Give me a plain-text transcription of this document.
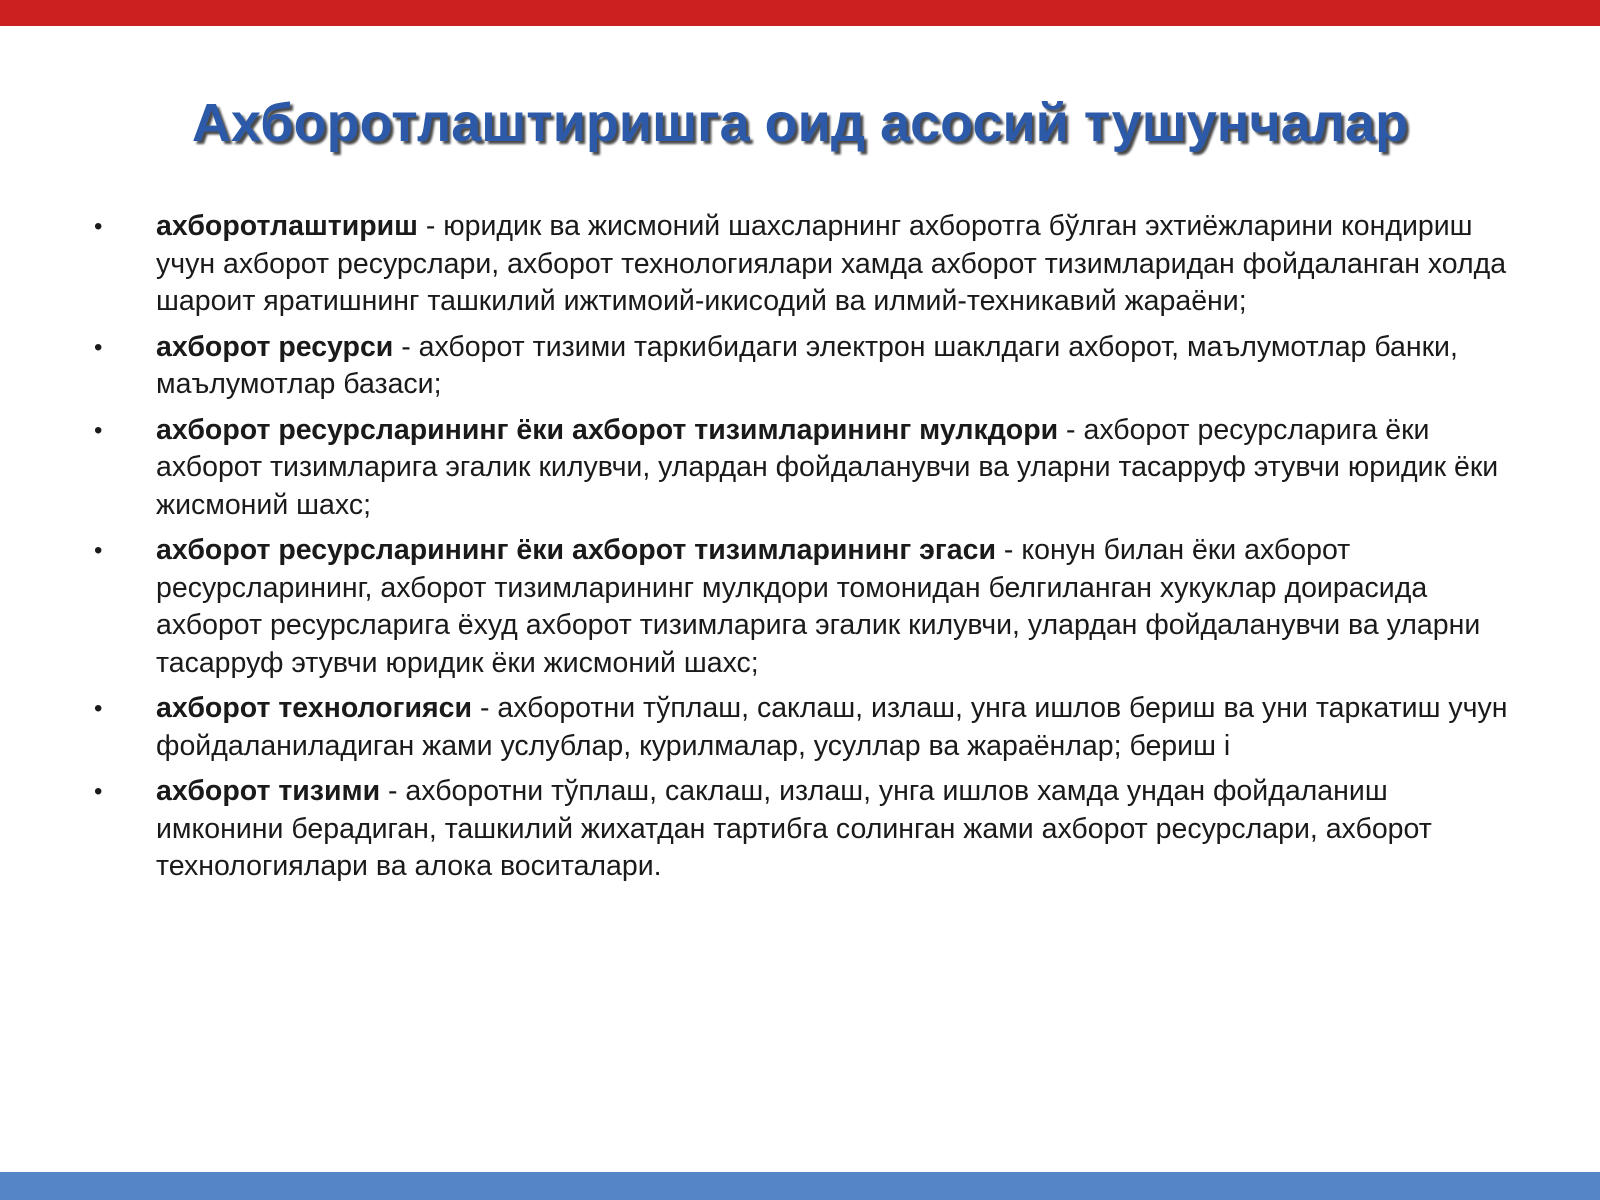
Ахборотлаштиришга оид асосий тушунчалар
• ахборотлаштириш - юридик ва жисмоний шахсларнинг ахборотга бўлган эхтиёжларини кондириш учун ахборот ресурслари, ахборот технологиялари хамда ахборот тизимларидан фойдаланган холда шароит яратишнинг ташкилий ижтимоий-икисодий ва илмий-техникавий жараёни;
• ахборот ресурси - ахборот тизими таркибидаги электрон шаклдаги ахборот, маълумотлар банки, маълумотлар базаси;
• ахборот ресурсларининг ёки ахборот тизимларининг мулкдори - ахборот ресурсларига ёки ахборот тизимларига эгалик килувчи, улардан фойдаланувчи ва уларни тасарруф этувчи юридик ёки жисмоний шахс;
• ахборот ресурсларининг ёки ахборот тизимларининг эгаси - конун билан ёки ахборот ресурсларининг, ахборот тизимларининг мулкдори томонидан белгиланган хукуклар доирасида ахборот ресурсларига ёхуд ахборот тизимларига эгалик килувчи, улардан фойдаланувчи ва уларни тасарруф этувчи юридик ёки жисмоний шахс;
• ахборот технологияси - ахборотни тўплаш, саклаш, излаш, унга ишлов бериш ва уни таркатиш учун фойдаланиладиган жами услублар, курилмалар, усуллар ва жараёнлар; бериш i
• ахборот тизими - ахборотни тўплаш, саклаш, излаш, унга ишлов хамда ундан фойдаланиш имконини берадиган, ташкилий жихатдан тартибга солинган жами ахборот ресурслари, ахборот технологиялари ва алока воситалари.
